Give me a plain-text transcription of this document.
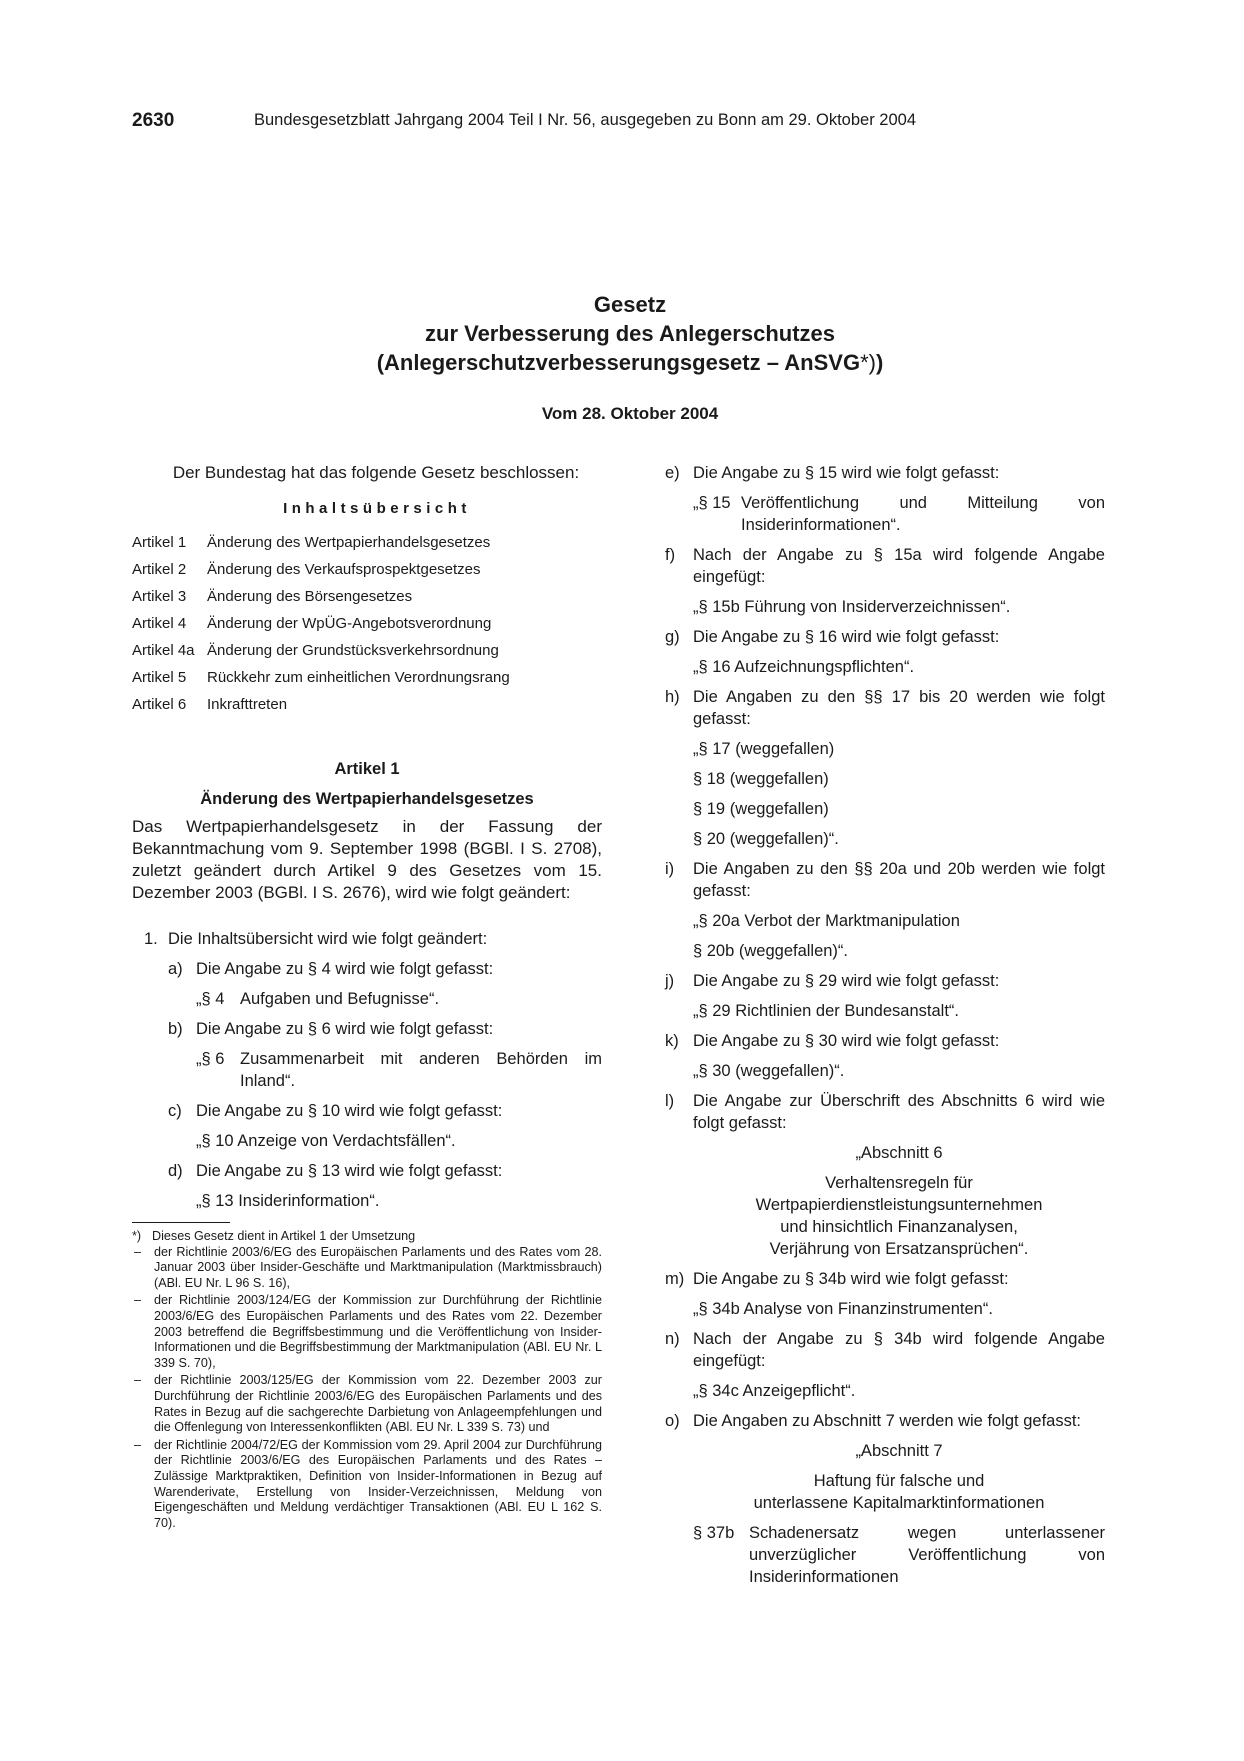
2630	Bundesgesetzblatt Jahrgang 2004 Teil I Nr. 56, ausgegeben zu Bonn am 29. Oktober 2004
Gesetz
zur Verbesserung des Anlegerschutzes
(Anlegerschutzverbesserungsgesetz – AnSVG*))
Vom 28. Oktober 2004
Der Bundestag hat das folgende Gesetz beschlossen:
Inhaltsübersicht
Artikel 1	Änderung des Wertpapierhandelsgesetzes
Artikel 2	Änderung des Verkaufsprospektgesetzes
Artikel 3	Änderung des Börsengesetzes
Artikel 4	Änderung der WpÜG-Angebotsverordnung
Artikel 4a Änderung der Grundstücksverkehrsordnung
Artikel 5	Rückkehr zum einheitlichen Verordnungsrang
Artikel 6	Inkrafttreten
Artikel 1
Änderung des Wertpapierhandelsgesetzes
Das Wertpapierhandelsgesetz in der Fassung der Bekanntmachung vom 9. September 1998 (BGBl. I S. 2708), zuletzt geändert durch Artikel 9 des Gesetzes vom 15. Dezember 2003 (BGBl. I S. 2676), wird wie folgt geändert:
1. Die Inhaltsübersicht wird wie folgt geändert:
a) Die Angabe zu § 4 wird wie folgt gefasst:
„§ 4 Aufgaben und Befugnisse“.
b) Die Angabe zu § 6 wird wie folgt gefasst:
„§ 6 Zusammenarbeit mit anderen Behörden im Inland“.
c) Die Angabe zu § 10 wird wie folgt gefasst:
„§ 10 Anzeige von Verdachtsfällen“.
d) Die Angabe zu § 13 wird wie folgt gefasst:
„§ 13 Insiderinformation“.
*) Dieses Gesetz dient in Artikel 1 der Umsetzung
–	der Richtlinie 2003/6/EG des Europäischen Parlaments und des Rates vom 28. Januar 2003 über Insider-Geschäfte und Marktmanipulation (Marktmissbrauch) (ABl. EU Nr. L 96 S. 16),
–	der Richtlinie 2003/124/EG der Kommission zur Durchführung der Richtlinie 2003/6/EG des Europäischen Parlaments und des Rates vom 22. Dezember 2003 betreffend die Begriffsbestimmung und die Veröffentlichung von Insider-Informationen und die Begriffsbestimmung der Marktmanipulation (ABl. EU Nr. L 339 S. 70),
–	der Richtlinie 2003/125/EG der Kommission vom 22. Dezember 2003 zur Durchführung der Richtlinie 2003/6/EG des Europäischen Parlaments und des Rates in Bezug auf die sachgerechte Darbietung von Anlageempfehlungen und die Offenlegung von Interessenkonflikten (ABl. EU Nr. L 339 S. 73) und
–	der Richtlinie 2004/72/EG der Kommission vom 29. April 2004 zur Durchführung der Richtlinie 2003/6/EG des Europäischen Parlaments und des Rates – Zulässige Marktpraktiken, Definition von Insider-Informationen in Bezug auf Warenderivate, Erstellung von Insider-Verzeichnissen, Meldung von Eigengeschäften und Meldung verdächtiger Transaktionen (ABl. EU L 162 S. 70).
e) Die Angabe zu § 15 wird wie folgt gefasst:
„§ 15 Veröffentlichung und Mitteilung von Insiderinformationen“.
f)	Nach der Angabe zu § 15a wird folgende Angabe eingefügt:
„§ 15b Führung von Insiderverzeichnissen“.
g) Die Angabe zu § 16 wird wie folgt gefasst:
„§ 16 Aufzeichnungspflichten“.
h) Die Angaben zu den §§ 17 bis 20 werden wie folgt gefasst:
„§ 17 (weggefallen)
§ 18 (weggefallen)
§ 19 (weggefallen)
§ 20 (weggefallen)“.
i)	Die Angaben zu den §§ 20a und 20b werden wie folgt gefasst:
„§ 20a Verbot der Marktmanipulation
§ 20b (weggefallen)“.
j)	Die Angabe zu § 29 wird wie folgt gefasst:
„§ 29 Richtlinien der Bundesanstalt“.
k) Die Angabe zu § 30 wird wie folgt gefasst:
„§ 30 (weggefallen)“.
l)	Die Angabe zur Überschrift des Abschnitts 6 wird wie folgt gefasst:
„Abschnitt 6
Verhaltensregeln für
Wertpapierdienstleistungsunternehmen
und hinsichtlich Finanzanalysen,
Verjährung von Ersatzansprüchen“.
m) Die Angabe zu § 34b wird wie folgt gefasst:
„§ 34b Analyse von Finanzinstrumenten“.
n) Nach der Angabe zu § 34b wird folgende Angabe eingefügt:
„§ 34c Anzeigepflicht“.
o) Die Angaben zu Abschnitt 7 werden wie folgt gefasst:
„Abschnitt 7
Haftung für falsche und
unterlassene Kapitalmarktinformationen
§ 37b Schadenersatz wegen unterlassener unverzüglicher Veröffentlichung von Insiderinformationen
